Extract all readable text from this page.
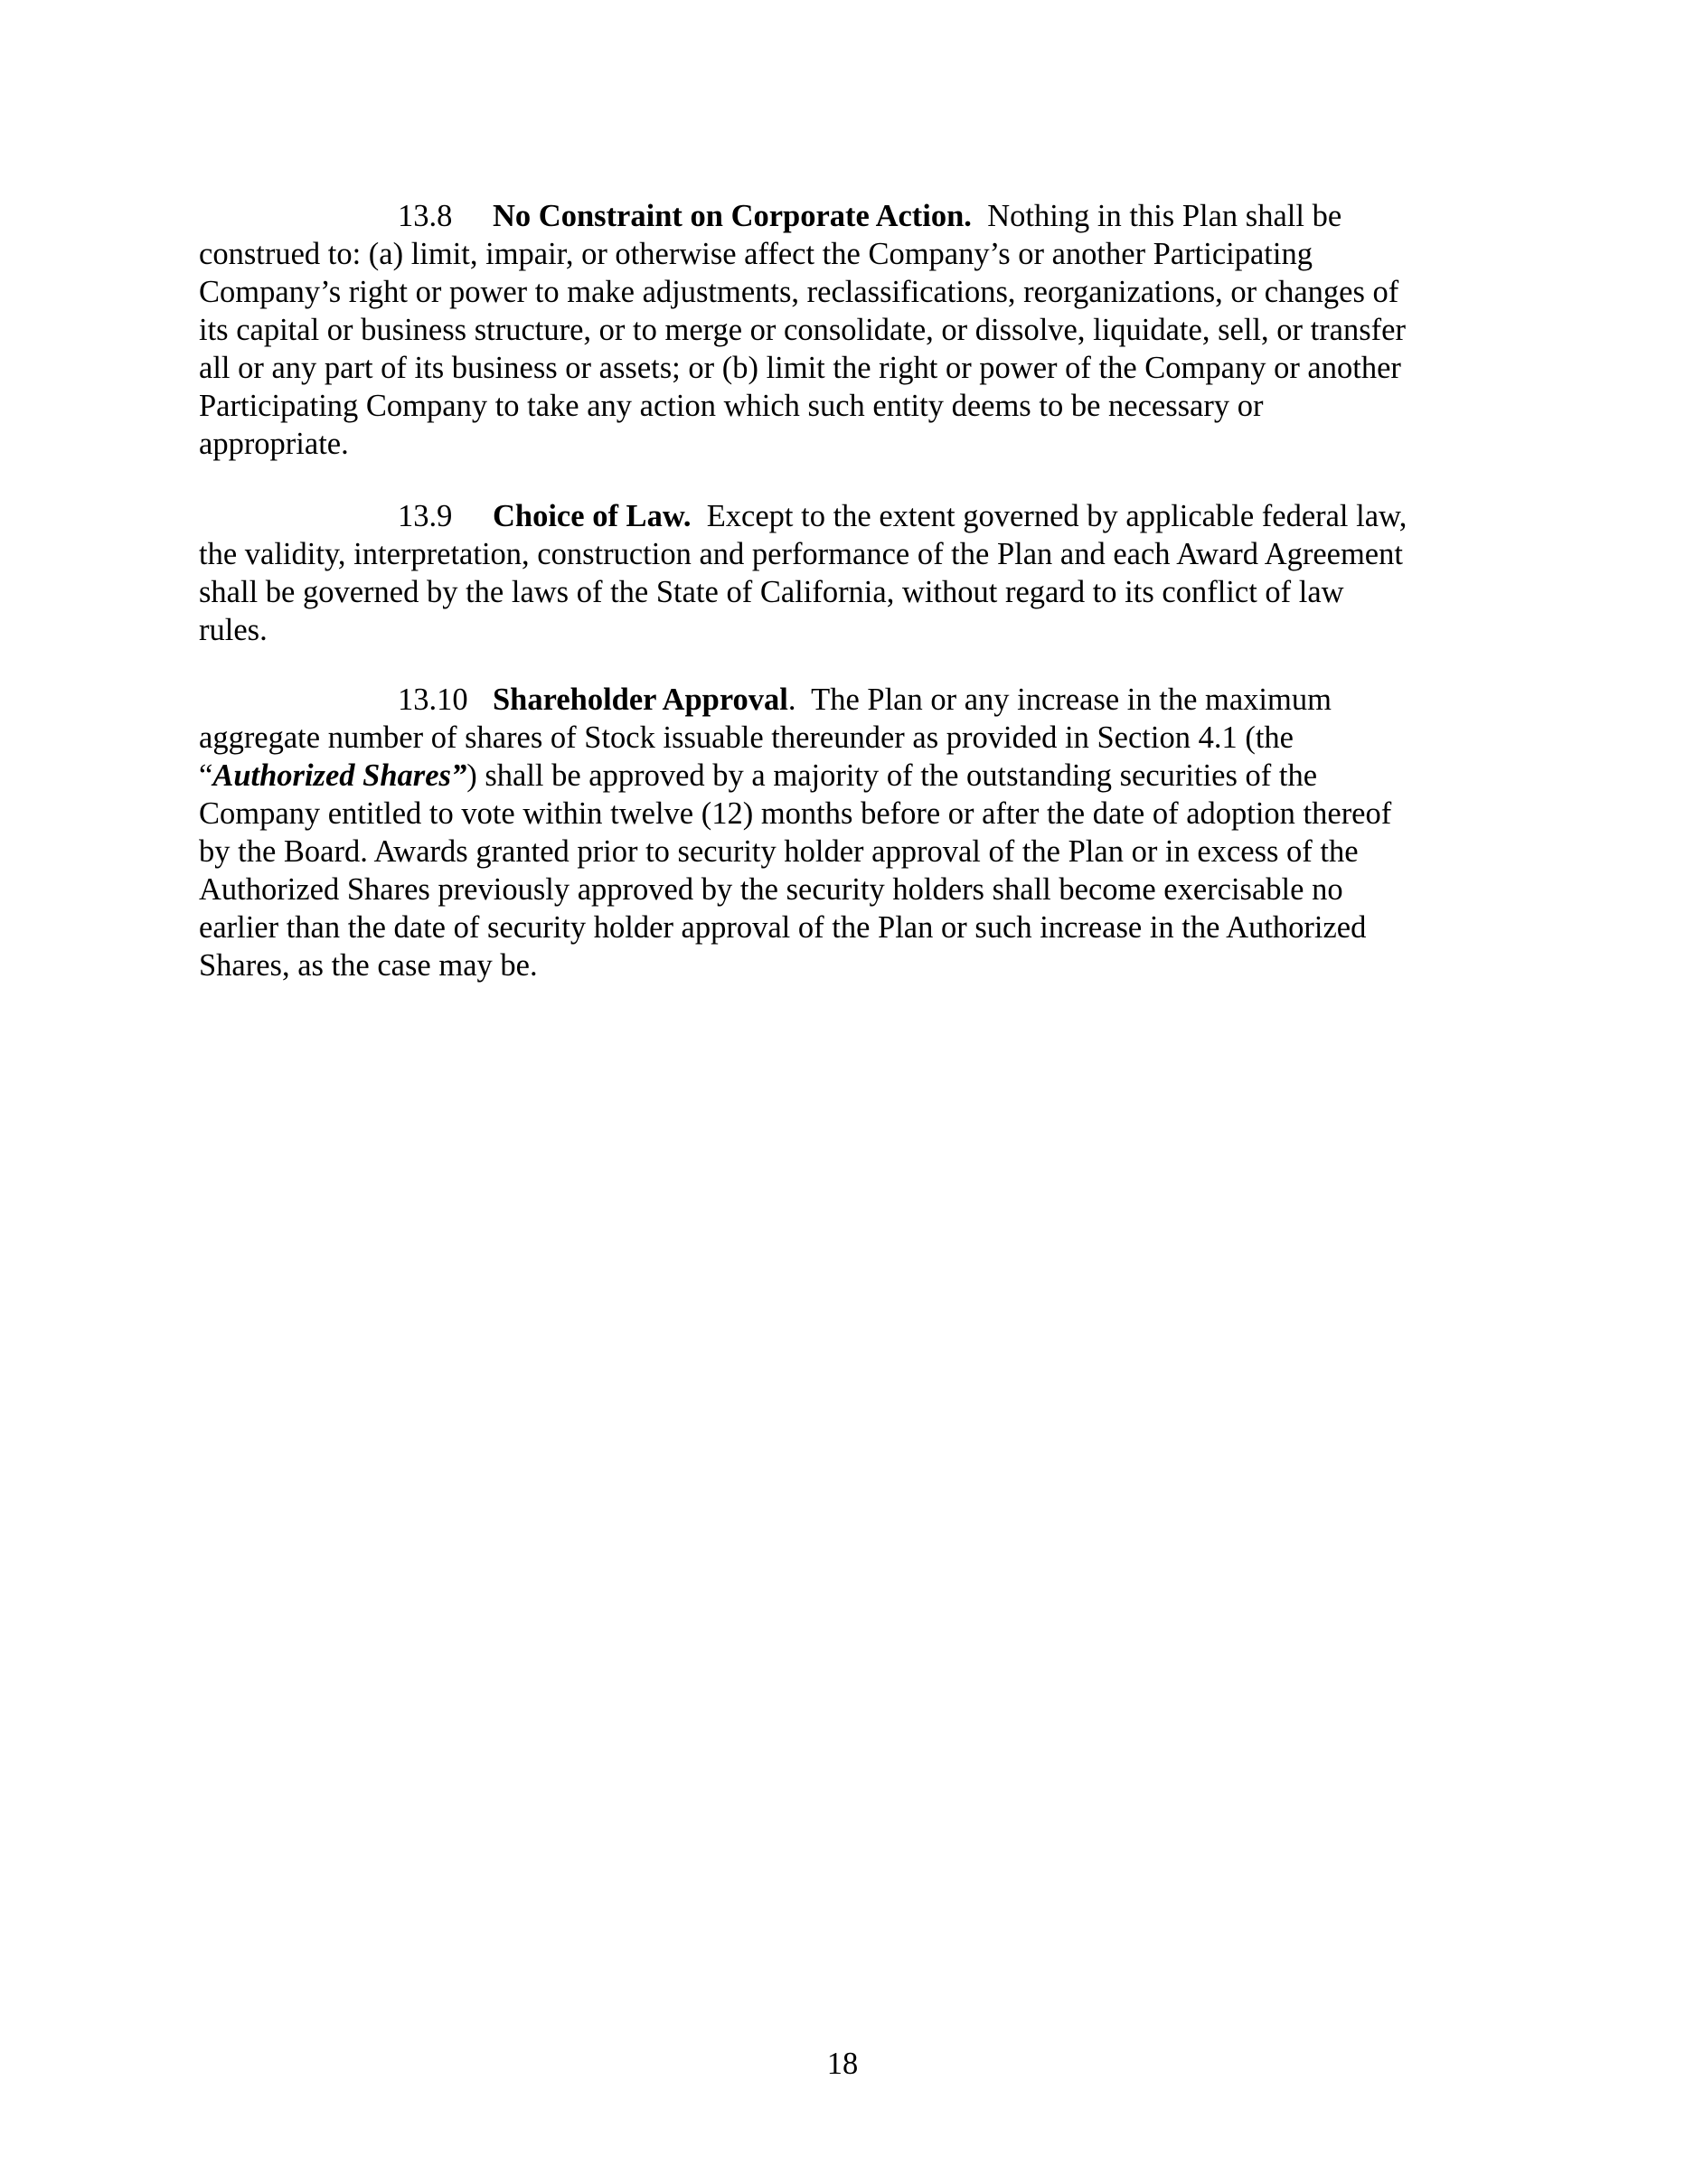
13.8 No Constraint on Corporate Action. Nothing in this Plan shall be
construed to: (a) limit, impair, or otherwise affect the Company’s or another Participating
Company’s right or power to make adjustments, reclassifications, reorganizations, or changes of
its capital or business structure, or to merge or consolidate, or dissolve, liquidate, sell, or transfer
all or any part of its business or assets; or (b) limit the right or power of the Company or another
Participating Company to take any action which such entity deems to be necessary or
appropriate.
13.9 Choice of Law. Except to the extent governed by applicable federal law,
the validity, interpretation, construction and performance of the Plan and each Award Agreement
shall be governed by the laws of the State of California, without regard to its conflict of law
rules.
13.10 Shareholder Approval. The Plan or any increase in the maximum
aggregate number of shares of Stock issuable thereunder as provided in Section 4.1 (the
“Authorized Shares”) shall be approved by a majority of the outstanding securities of the
Company entitled to vote within twelve (12) months before or after the date of adoption thereof
by the Board. Awards granted prior to security holder approval of the Plan or in excess of the
Authorized Shares previously approved by the security holders shall become exercisable no
earlier than the date of security holder approval of the Plan or such increase in the Authorized
Shares, as the case may be.
18
